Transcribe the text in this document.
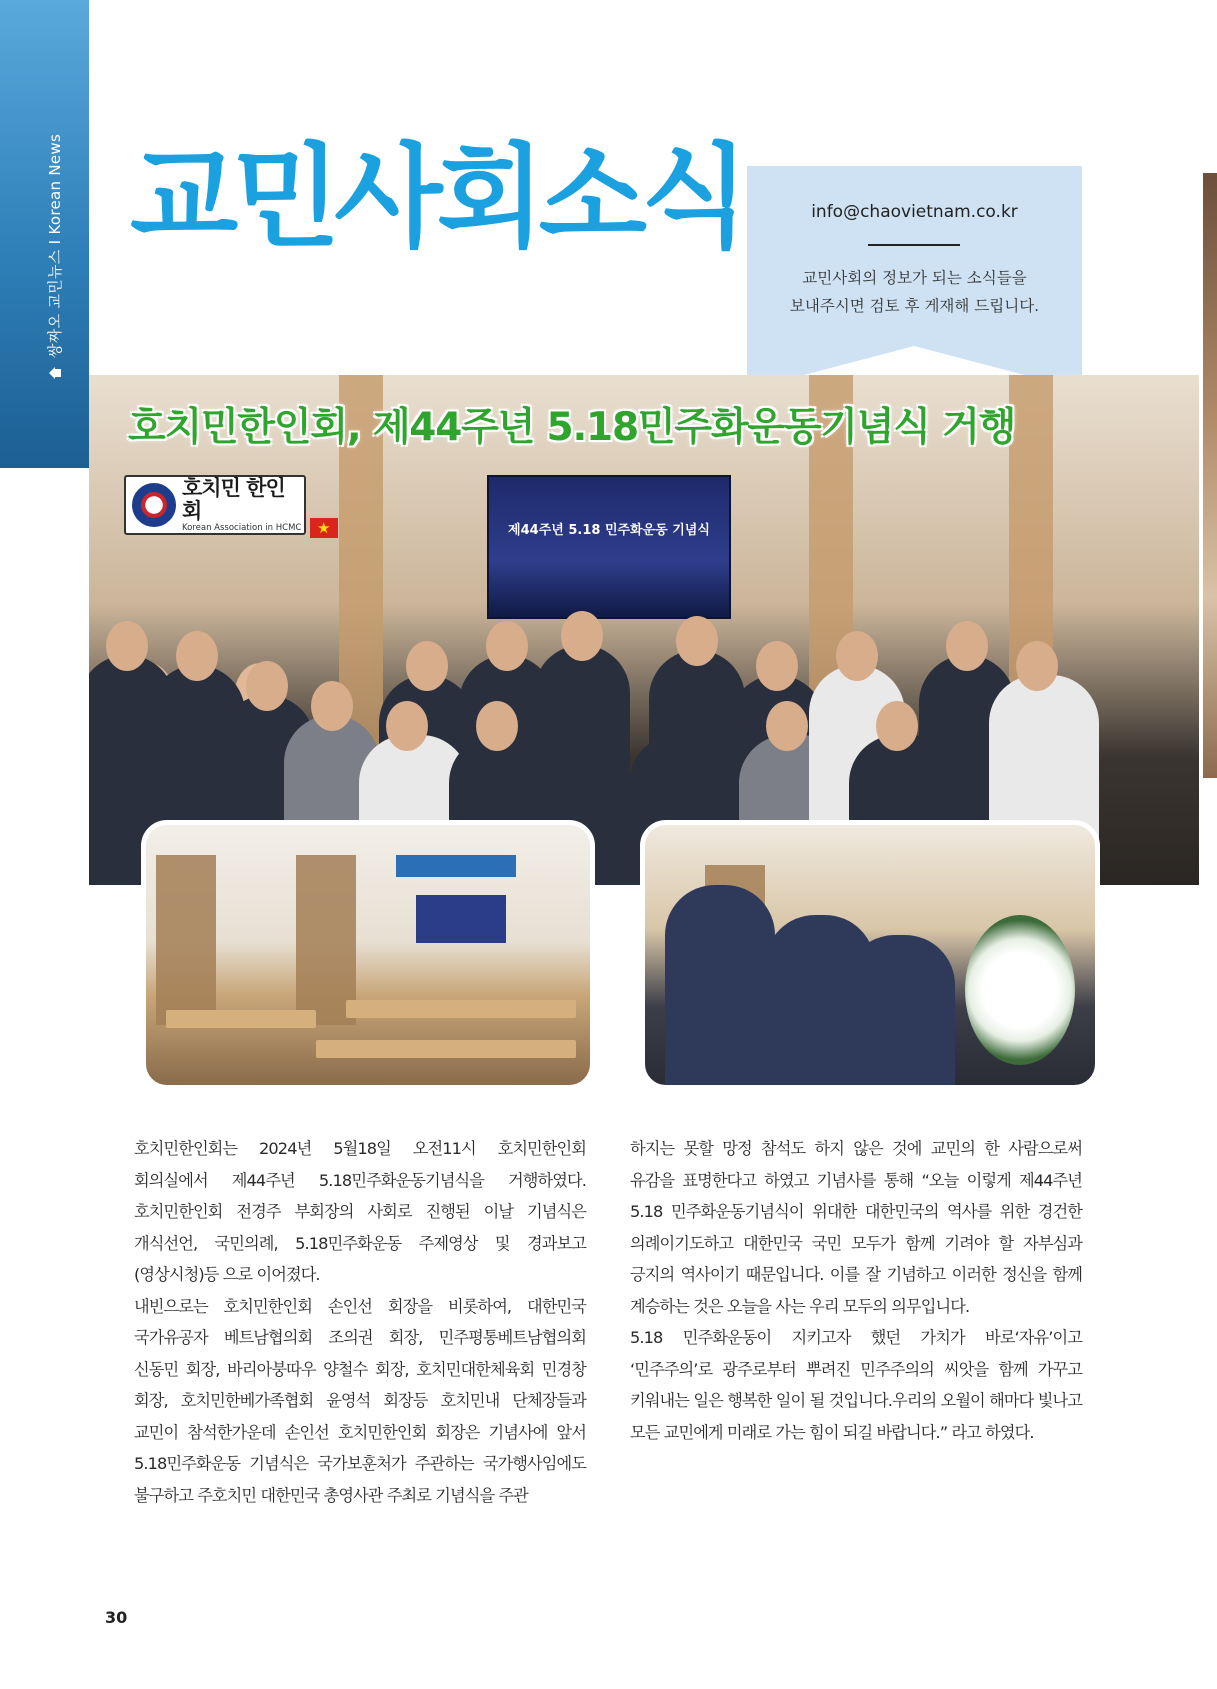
쌍짜오 교민뉴스 I Korean News 교민사회소식	info@chaovietnam.co.kr
교민사회의 정보가 되는 소식들을
보내주시면 검토 후 게재해 드립니다.
제44주년 5.18 민주화운동 기념식
호치민한인회, 제44주년 5.18민주화운동기념식 거행
호치민 한인회
Korean Association in HCMC ★

호치민한인회는 2024년 5월18일 오전11시 호치민한인회 회의실에서 제44주년 5.18민주화운동기념식을 거행하였다. 호치민한인회 전경주 부회장의 사회로 진행된 이날 기념식은 개식선언, 국민의례, 5.18민주화운동 주제영상 및 경과보고(영상시청)등 으로 이어졌다.

내빈으로는 호치민한인회 손인선 회장을 비롯하여, 대한민국 국가유공자 베트남협의회 조의권 회장, 민주평통베트남협의회 신동민 회장, 바리아붕따우 양철수 회장, 호치민대한체육회 민경창 회장, 호치민한베가족협회 윤영석 회장등 호치민내 단체장들과 교민이 참석한가운데 손인선 호치민한인회 회장은 기념사에 앞서 5.18민주화운동 기념식은 국가보훈처가 주관하는 국가행사임에도 불구하고 주호치민 대한민국 총영사관 주최로 기념식을 주관

하지는 못할 망정 참석도 하지 않은 것에 교민의 한 사람으로써 유감을 표명한다고 하였고 기념사를 통해 “오늘 이렇게 제44주년 5.18 민주화운동기념식이 위대한 대한민국의 역사를 위한 경건한 의례이기도하고 대한민국 국민 모두가 함께 기려야 할 자부심과 긍지의 역사이기 때문입니다. 이를 잘 기념하고 이러한 정신을 함께 계승하는 것은 오늘을 사는 우리 모두의 의무입니다.

5.18 민주화운동이 지키고자 했던 가치가 바로‘자유’이고 ‘민주주의’로 광주로부터 뿌려진 민주주의의 씨앗을 함께 가꾸고 키워내는 일은 행복한 일이 될 것입니다.우리의 오월이 해마다 빛나고 모든 교민에게 미래로 가는 힘이 되길 바랍니다.” 라고 하였다.

30
